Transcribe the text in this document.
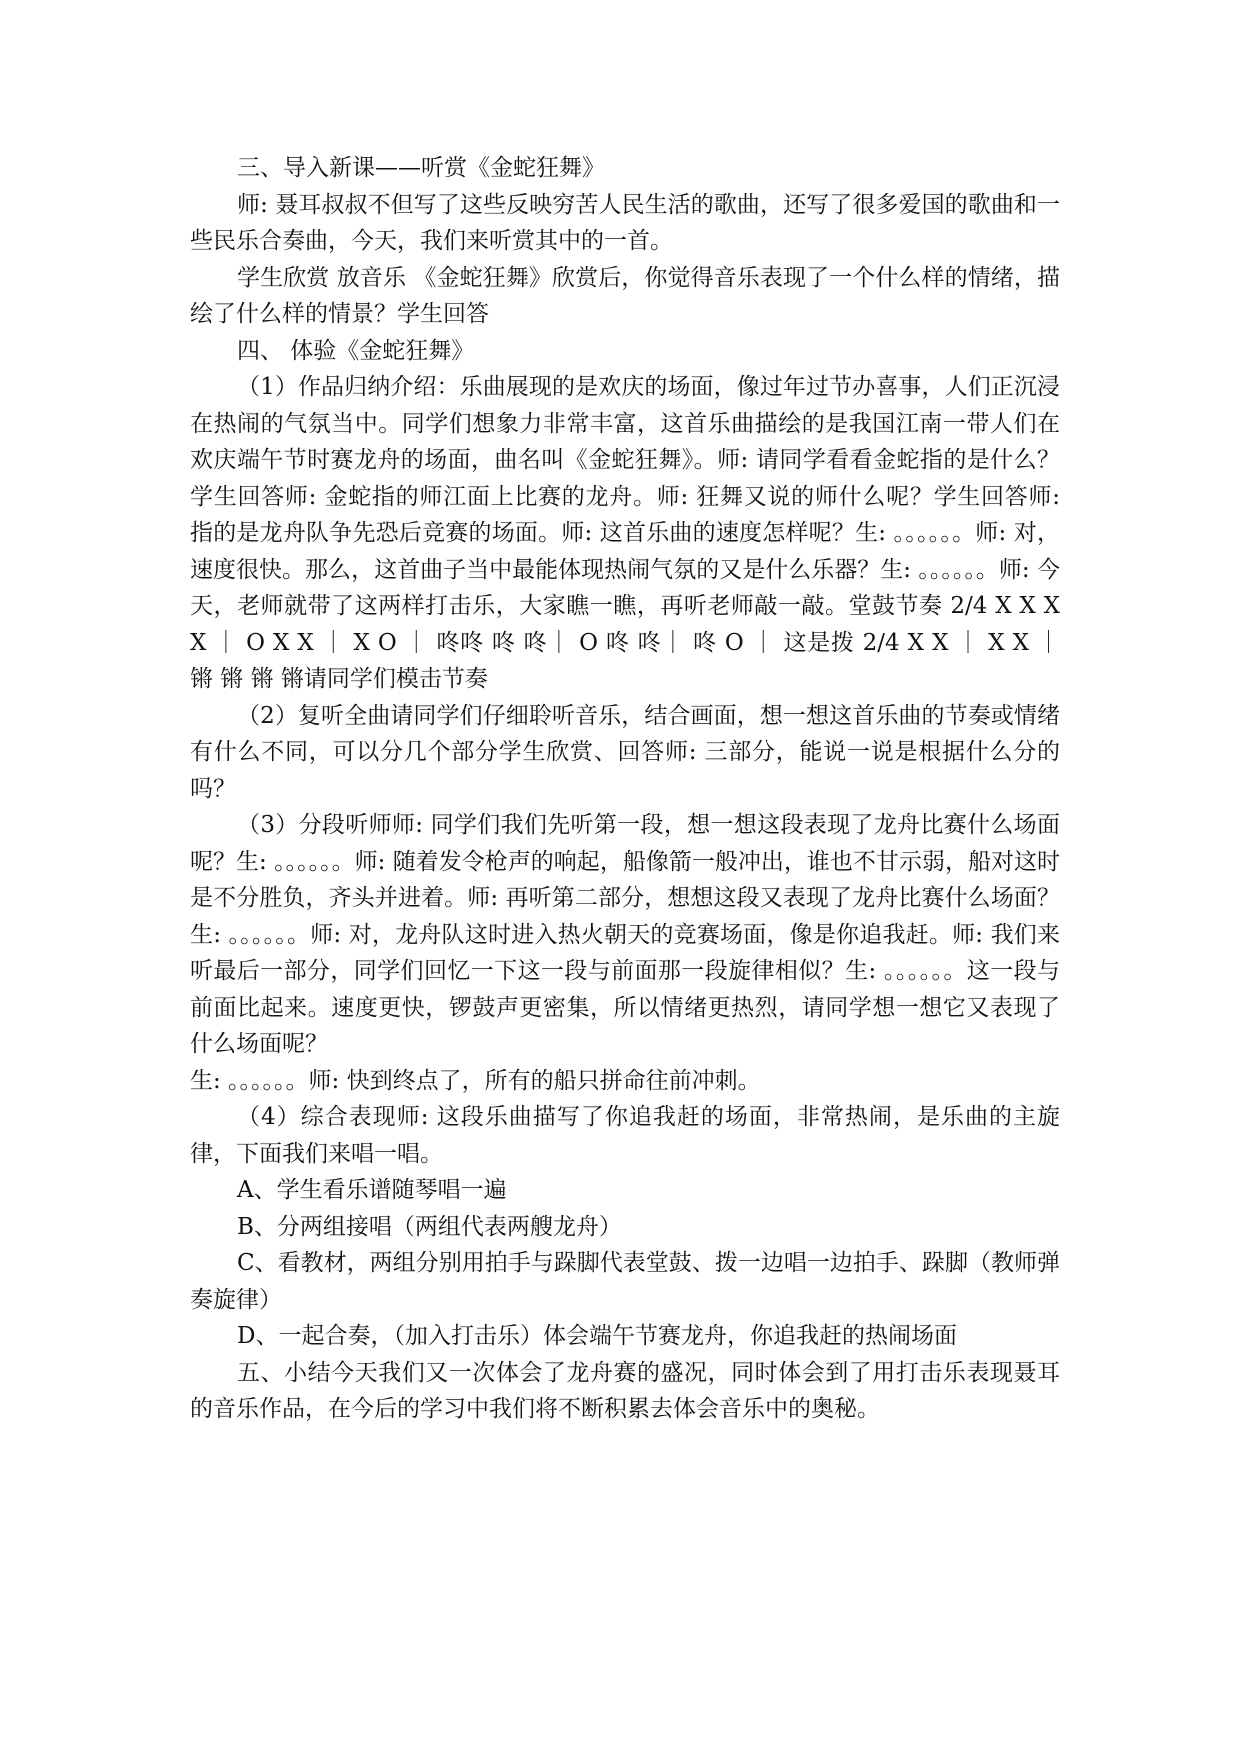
三、导入新课——听赏《金蛇狂舞》

师: 聂耳叔叔不但写了这些反映穷苦人民生活的歌曲，还写了很多爱国的歌曲和一些民乐合奏曲，今天，我们来听赏其中的一首。

学生欣赏 放音乐 《金蛇狂舞》欣赏后，你觉得音乐表现了一个什么样的情绪，描绘了什么样的情景？学生回答

四、 体验《金蛇狂舞》

（1）作品归纳介绍：乐曲展现的是欢庆的场面，像过年过节办喜事，人们正沉浸在热闹的气氛当中。同学们想象力非常丰富，这首乐曲描绘的是我国江南一带人们在欢庆端午节时赛龙舟的场面，曲名叫《金蛇狂舞》。师: 请同学看看金蛇指的是什么？学生回答师: 金蛇指的师江面上比赛的龙舟。师: 狂舞又说的师什么呢？学生回答师: 指的是龙舟队争先恐后竞赛的场面。师: 这首乐曲的速度怎样呢？生: 。。。。。。师: 对，速度很快。那么，这首曲子当中最能体现热闹气氛的又是什么乐器？生: 。。。。。。师: 今天，老师就带了这两样打击乐，大家瞧一瞧，再听老师敲一敲。堂鼓节奏 2/4 X X X X ｜ O X X ｜ X O ｜ 咚咚 咚 咚｜ O 咚 咚｜ 咚 O ｜ 这是拨 2/4 X X ｜ X X ｜ 锵 锵 锵 锵请同学们模击节奏

（2）复听全曲请同学们仔细聆听音乐，结合画面，想一想这首乐曲的节奏或情绪有什么不同，可以分几个部分学生欣赏、回答师: 三部分，能说一说是根据什么分的吗？

（3）分段听师师: 同学们我们先听第一段，想一想这段表现了龙舟比赛什么场面呢？生: 。。。。。。师: 随着发令枪声的响起，船像箭一般冲出，谁也不甘示弱，船对这时是不分胜负，齐头并进着。师: 再听第二部分，想想这段又表现了龙舟比赛什么场面？生: 。。。。。。师: 对，龙舟队这时进入热火朝天的竞赛场面，像是你追我赶。师: 我们来听最后一部分，同学们回忆一下这一段与前面那一段旋律相似？生: 。。。。。。这一段与前面比起来。速度更快，锣鼓声更密集，所以情绪更热烈，请同学想一想它又表现了什么场面呢？

生: 。。。。。。师: 快到终点了，所有的船只拼命往前冲刺。

（4）综合表现师: 这段乐曲描写了你追我赶的场面，非常热闹，是乐曲的主旋律，下面我们来唱一唱。

A、学生看乐谱随琴唱一遍

B、分两组接唱（两组代表两艘龙舟）

C、看教材，两组分别用拍手与跺脚代表堂鼓、拨一边唱一边拍手、跺脚（教师弹奏旋律）

D、一起合奏，（加入打击乐）体会端午节赛龙舟，你追我赶的热闹场面

五、小结今天我们又一次体会了龙舟赛的盛况，同时体会到了用打击乐表现聂耳的音乐作品，在今后的学习中我们将不断积累去体会音乐中的奥秘。
